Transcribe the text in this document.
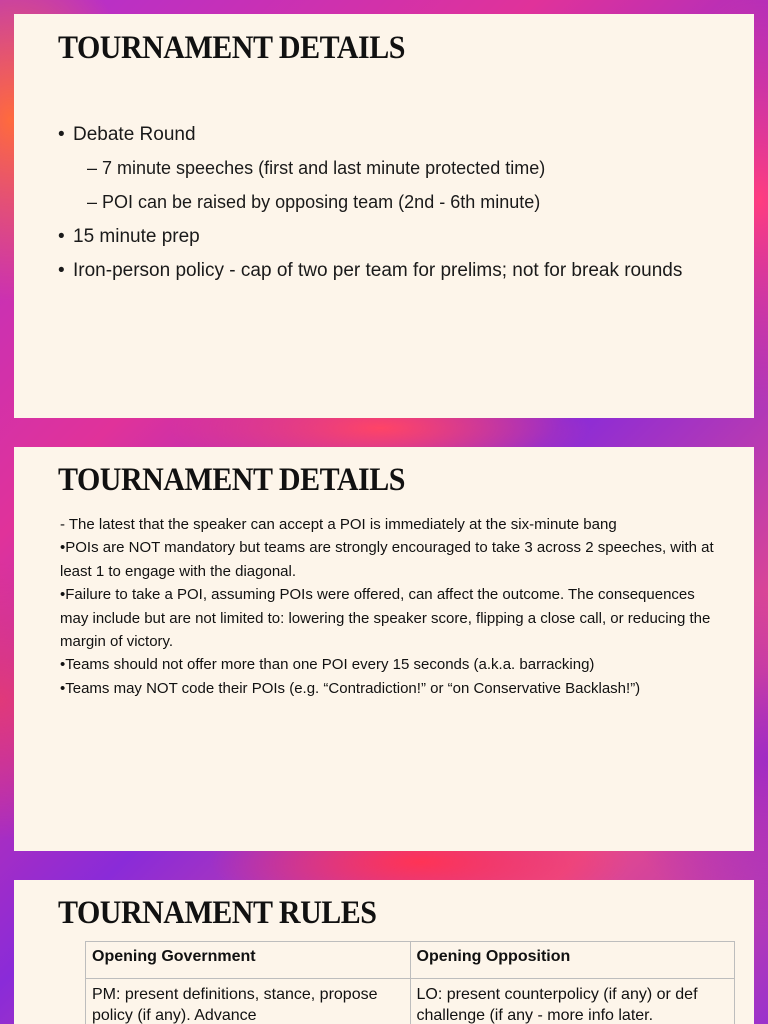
TOURNAMENT DETAILS
• Debate Round
– 7 minute speeches (first and last minute protected time)
– POI can be raised by opposing team (2nd - 6th minute)
• 15 minute prep
• Iron-person policy - cap of two per team for prelims; not for break rounds
TOURNAMENT DETAILS
- The latest that the speaker can accept a POI is immediately at the six-minute bang
•POIs are NOT mandatory but teams are strongly encouraged to take 3 across 2 speeches, with at least 1 to engage with the diagonal.
•Failure to take a POI, assuming POIs were offered, can affect the outcome. The consequences may include but are not limited to: lowering the speaker score, flipping a close call, or reducing the margin of victory.
•Teams should not offer more than one POI every 15 seconds (a.k.a. barracking)
•Teams may NOT code their POIs (e.g. “Contradiction!” or “on Conservative Backlash!”)
TOURNAMENT RULES
Opening Government	Opening Opposition
PM: present definitions, stance, propose policy (if any). Advance	LO: present counterpolicy (if any) or def challenge (if any - more info later.
